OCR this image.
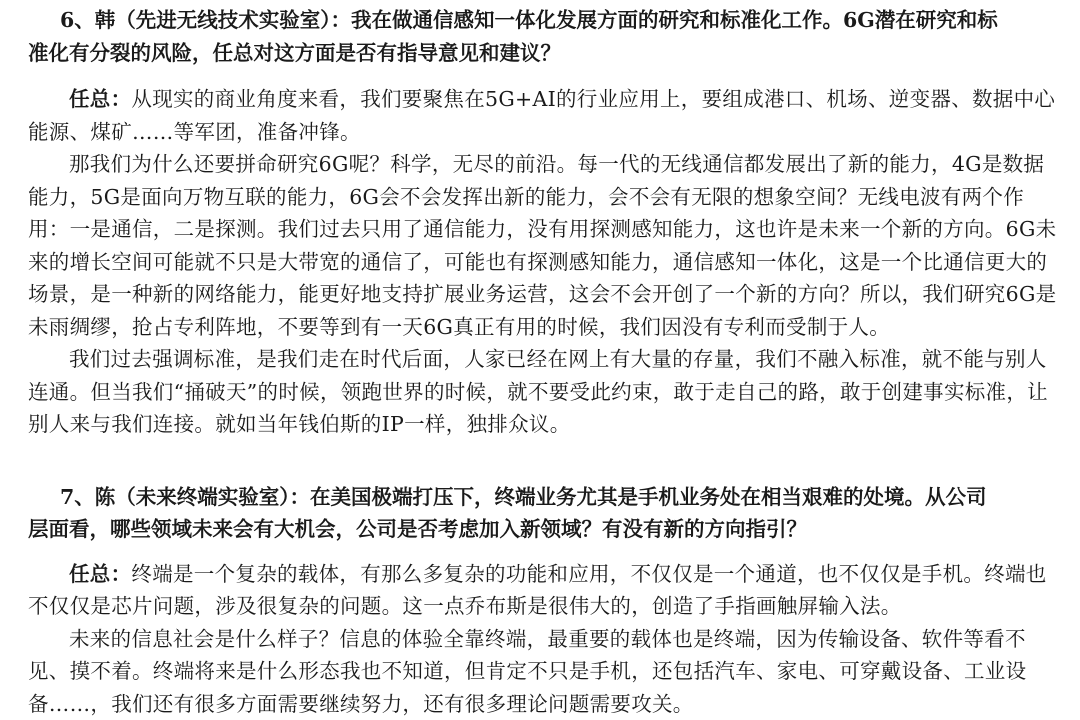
6、韩（先进无线技术实验室）：我在做通信感知一体化发展方面的研究和标准化工作。6G潜在研究和标
准化有分裂的风险，任总对这方面是否有指导意见和建议？

任总：从现实的商业角度来看，我们要聚焦在5G+AI的行业应用上，要组成港口、机场、逆变器、数据中心能源、煤矿……等军团，准备冲锋。

那我们为什么还要拼命研究6G呢？科学，无尽的前沿。每一代的无线通信都发展出了新的能力，4G是数据能力，5G是面向万物互联的能力，6G会不会发挥出新的能力，会不会有无限的想象空间？无线电波有两个作用：一是通信，二是探测。我们过去只用了通信能力，没有用探测感知能力，这也许是未来一个新的方向。6G未来的增长空间可能就不只是大带宽的通信了，可能也有探测感知能力，通信感知一体化，这是一个比通信更大的场景，是一种新的网络能力，能更好地支持扩展业务运营，这会不会开创了一个新的方向？所以，我们研究6G是未雨绸缪，抢占专利阵地，不要等到有一天6G真正有用的时候，我们因没有专利而受制于人。

我们过去强调标准，是我们走在时代后面，人家已经在网上有大量的存量，我们不融入标准，就不能与别人连通。但当我们“捅破天”的时候，领跑世界的时候，就不要受此约束，敢于走自己的路，敢于创建事实标准，让别人来与我们连接。就如当年钱伯斯的IP一样，独排众议。

7、陈（未来终端实验室）：在美国极端打压下，终端业务尤其是手机业务处在相当艰难的处境。从公司
层面看，哪些领域未来会有大机会，公司是否考虑加入新领域？有没有新的方向指引？

任总：终端是一个复杂的载体，有那么多复杂的功能和应用，不仅仅是一个通道，也不仅仅是手机。终端也不仅仅是芯片问题，涉及很复杂的问题。这一点乔布斯是很伟大的，创造了手指画触屏输入法。

未来的信息社会是什么样子？信息的体验全靠终端，最重要的载体也是终端，因为传输设备、软件等看不见、摸不着。终端将来是什么形态我也不知道，但肯定不只是手机，还包括汽车、家电、可穿戴设备、工业设备……，我们还有很多方面需要继续努力，还有很多理论问题需要攻关。
